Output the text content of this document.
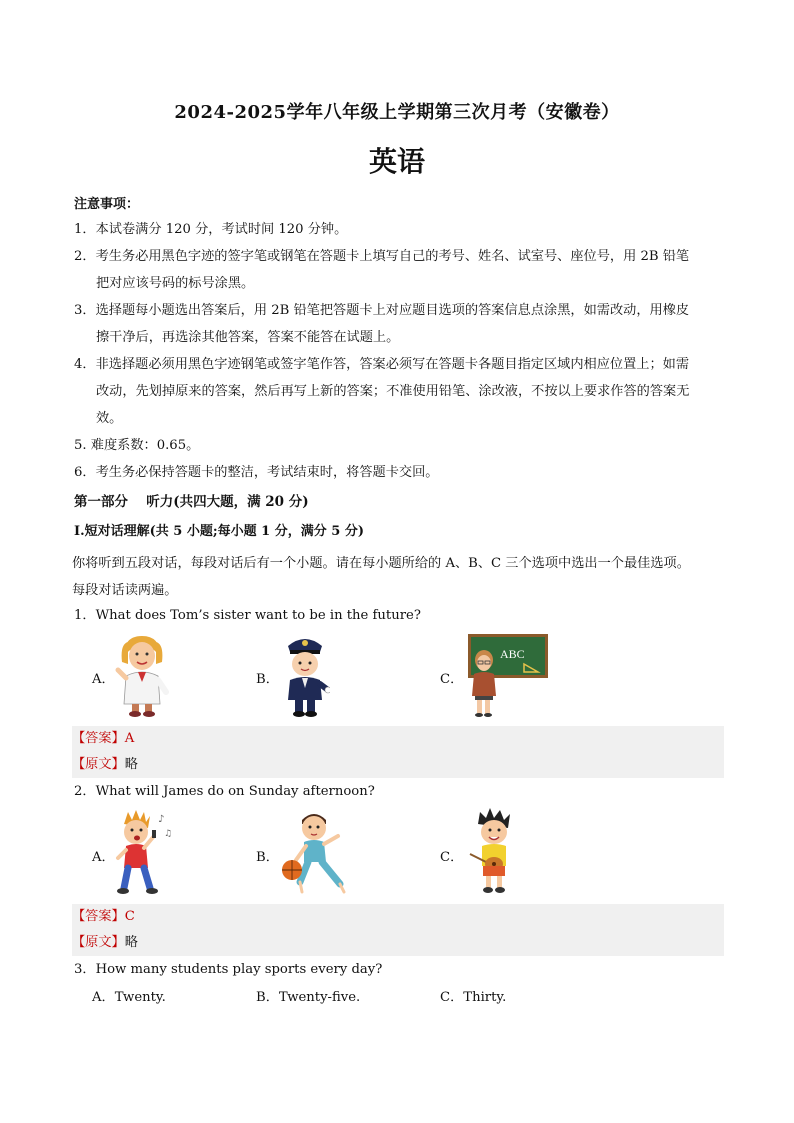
2024-2025学年八年级上学期第三次月考（安徽卷）
英语
注意事项：
1．本试卷满分 120 分，考试时间 120 分钟。
2．考生务必用黑色字迹的签字笔或钢笔在答题卡上填写自己的考号、姓名、试室号、座位号，用 2B 铅笔
把对应该号码的标号涂黑。
3．选择题每小题选出答案后，用 2B 铅笔把答题卡上对应题目选项的答案信息点涂黑，如需改动，用橡皮
擦干净后，再选涂其他答案，答案不能答在试题上。
4．非选择题必须用黑色字迹钢笔或签字笔作答，答案必须写在答题卡各题目指定区域内相应位置上；如需
改动，先划掉原来的答案，然后再写上新的答案；不准使用铅笔、涂改液，不按以上要求作答的答案无
效。
5. 难度系数：0.65。
6．考生务必保持答题卡的整洁，考试结束时，将答题卡交回。
第一部分　 听力(共四大题，满 20 分)
Ⅰ.短对话理解(共 5 小题;每小题 1 分，满分 5 分)
你将听到五段对话，每段对话后有一个小题。请在每小题所给的 A、B、C 三个选项中选出一个最佳选项。
每段对话读两遍。
1．What does Tom’s sister want to be in the future?
A．	B．	C．
ABC
【答案】A
【原文】略
2．What will James do on Sunday afternoon?
A．	B．	C．
♪
♫
【答案】C
【原文】略
3．How many students play sports every day?
A．Twenty.	B．Twenty-five.	C．Thirty.
